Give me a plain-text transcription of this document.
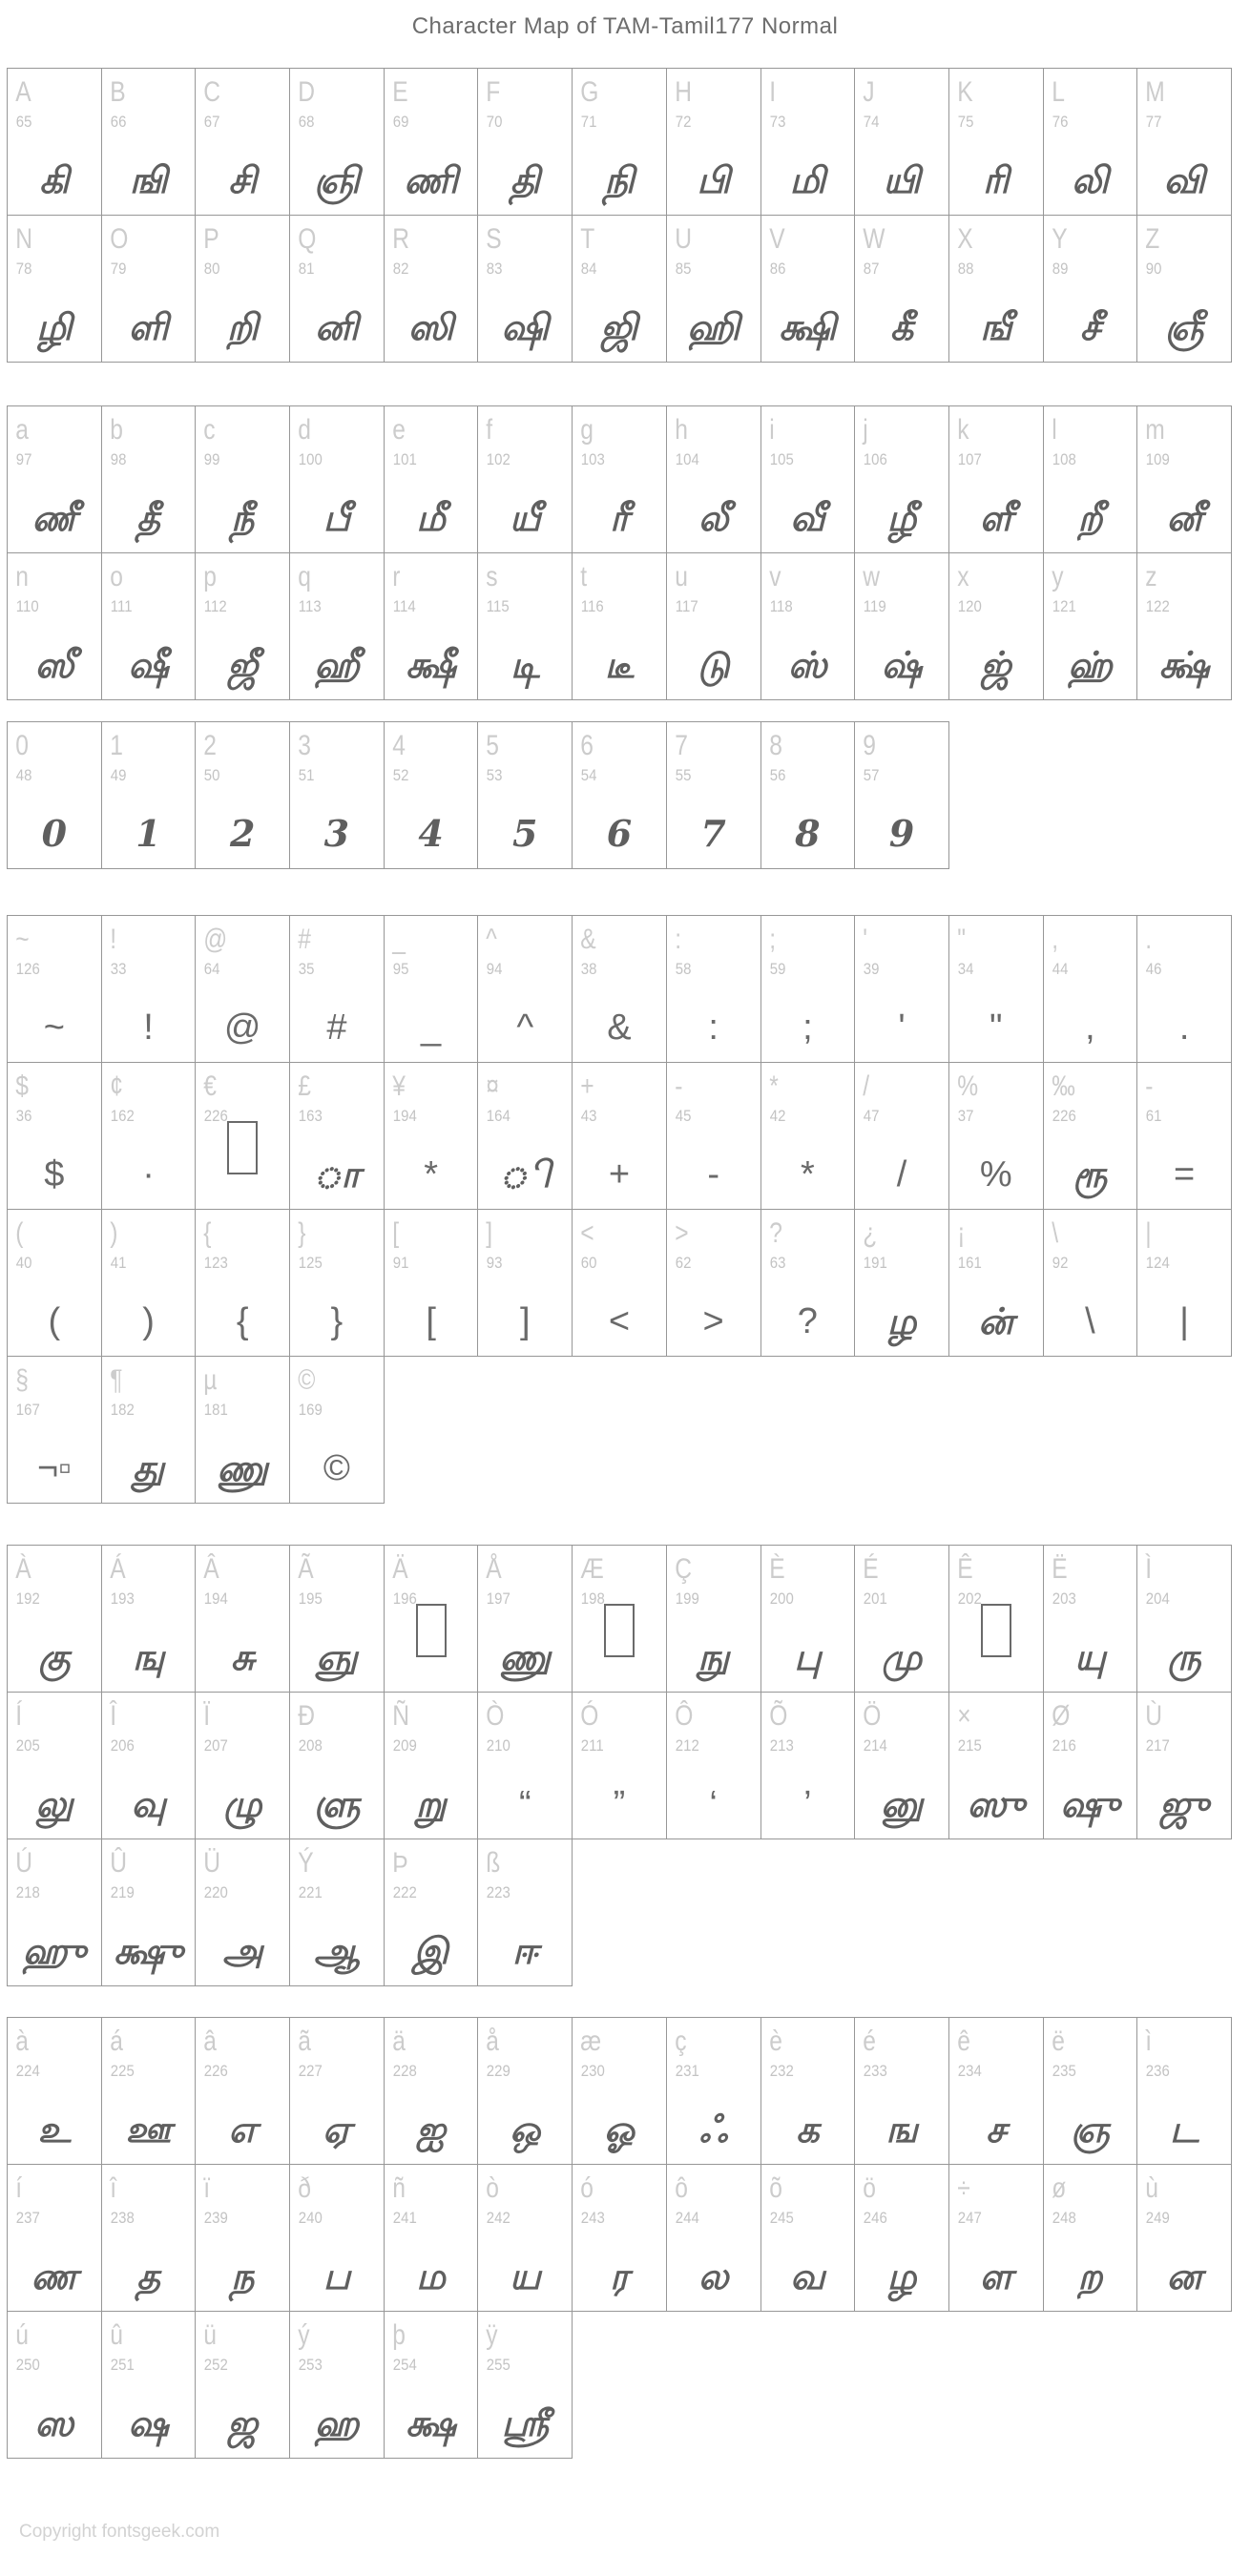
Character Map of TAM-Tamil177 Normal
A
65
கி
B
66
ஙி
C
67
சி
D
68
ஞி
E
69
ணி
F
70
தி
G
71
நி
H
72
பி
I
73
மி
J
74
யி
K
75
ரி
L
76
லி
M
77
வி
N
78
ழி
O
79
ளி
P
80
றி
Q
81
னி
R
82
ஸி
S
83
ஷி
T
84
ஜி
U
85
ஹி
V
86
க்ஷி
W
87
கீ
X
88
ஙீ
Y
89
சீ
Z
90
ஞீ
a
97
ணீ
b
98
தீ
c
99
நீ
d
100
பீ
e
101
மீ
f
102
யீ
g
103
ரீ
h
104
லீ
i
105
வீ
j
106
ழீ
k
107
ளீ
l
108
றீ
m
109
னீ
n
110
ஸீ
o
111
ஷீ
p
112
ஜீ
q
113
ஹீ
r
114
க்ஷீ
s
115
டி
t
116
டீ
u
117
டு
v
118
ஸ்
w
119
ஷ்
x
120
ஜ்
y
121
ஹ்
z
122
க்ஷ்
0
48
0
1
49
1
2
50
2
3
51
3
4
52
4
5
53
5
6
54
6
7
55
7
8
56
8
9
57
9
~
126
~
!
33
!
@
64
@
#
35
#
_
95
_
^
94
^
&
38
&
:
58
:
;
59
;
'
39
'
"
34
"
,
44
,
.
46
.
$
36
$
¢
162
·
€
226
£
163
ா
¥
194
*
¤
164
ி
+
43
+
-
45
-
*
42
*
/
47
/
%
37
%
‰
226
ரூ
-
61
=
(
40
(
)
41
)
{
123
{
}
125
}
[
91
[
]
93
]
<
60
<
>
62
>
?
63
?
¿
191
ழ
¡
161
ன்
\
92
\
|
124
|
§
167
¬▫
¶
182
து
µ
181
ணு
©
169
©
À
192
கு
Á
193
ஙு
Â
194
சு
Ã
195
ஞு
Ä
196
Å
197
ணு
Æ
198
Ç
199
நு
È
200
பு
É
201
மு
Ê
202
Ë
203
யு
Ì
204
ரு
Í
205
லு
Î
206
வு
Ï
207
ழு
Ð
208
ளு
Ñ
209
று
Ò
210
“
Ó
211
”
Ô
212
‘
Õ
213
’
Ö
214
னு
×
215
ஸு
Ø
216
ஷு
Ù
217
ஜு
Ú
218
ஹு
Û
219
க்ஷு
Ü
220
அ
Ý
221
ஆ
Þ
222
இ
ß
223
ஈ
à
224
உ
á
225
ஊ
â
226
எ
ã
227
ஏ
ä
228
ஐ
å
229
ஒ
æ
230
ஓ
ç
231
ஃ
è
232
க
é
233
ங
ê
234
ச
ë
235
ஞ
ì
236
ட
í
237
ண
î
238
த
ï
239
ந
ð
240
ப
ñ
241
ம
ò
242
ய
ó
243
ர
ô
244
ல
õ
245
வ
ö
246
ழ
÷
247
ள
ø
248
ற
ù
249
ன
ú
250
ஸ
û
251
ஷ
ü
252
ஜ
ý
253
ஹ
þ
254
க்ஷ
ÿ
255
ஸ்ரீ
Copyright fontsgeek.com
